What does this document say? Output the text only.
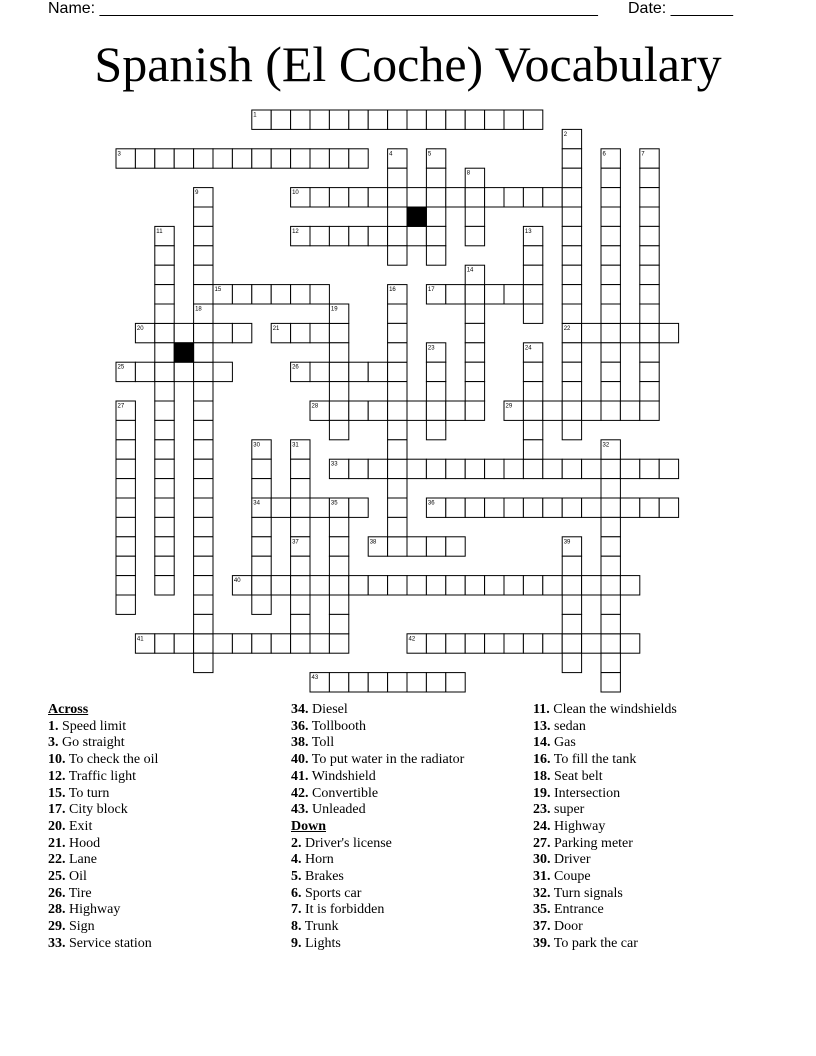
Name: ________________________________________________________ Date: _______
Spanish (El Coche) Vocabulary
1
3
10
12
15	17
20	21	22
25	26
28	29
33
34	36
38
40
41	42
43
2
4	5	6	7
8
9
11	13
14
16
18	19
23	24
27
30	31	32
35
37	39
Across
1. Speed limit
3. Go straight
10. To check the oil
12. Traffic light
15. To turn
17. City block
20. Exit
21. Hood
22. Lane
25. Oil
26. Tire
28. Highway
29. Sign
33. Service station
34. Diesel
36. Tollbooth
38. Toll
40. To put water in the radiator
41. Windshield
42. Convertible
43. Unleaded
Down
2. Driver's license
4. Horn
5. Brakes
6. Sports car
7. It is forbidden
8. Trunk
9. Lights
11. Clean the windshields
13. sedan
14. Gas
16. To fill the tank
18. Seat belt
19. Intersection
23. super
24. Highway
27. Parking meter
30. Driver
31. Coupe
32. Turn signals
35. Entrance
37. Door
39. To park the car
